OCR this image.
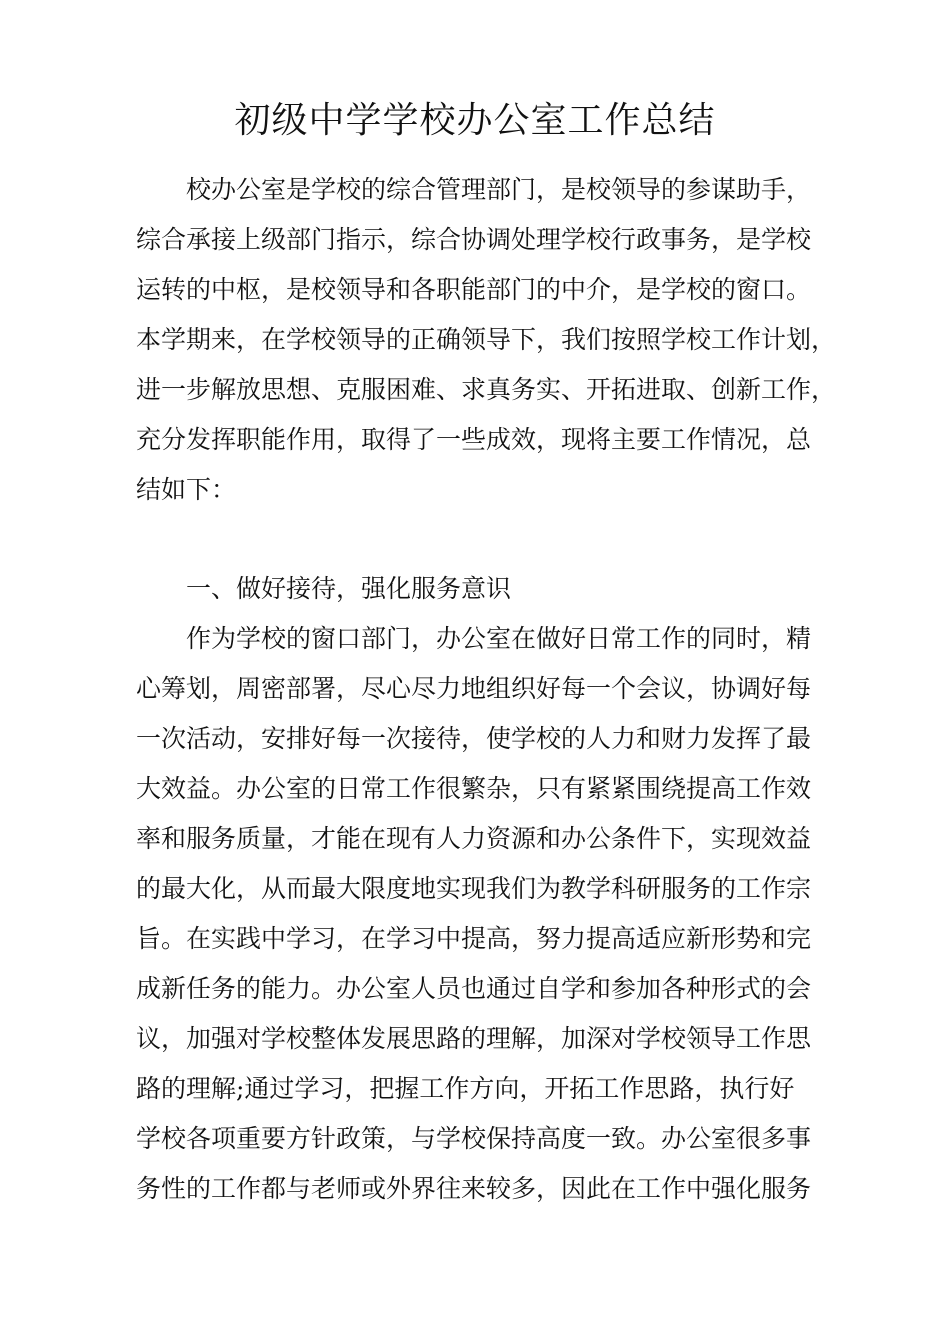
初级中学学校办公室工作总结
校办公室是学校的综合管理部门，是校领导的参谋助手，
综合承接上级部门指示，综合协调处理学校行政事务，是学校
运转的中枢，是校领导和各职能部门的中介，是学校的窗口。
本学期来，在学校领导的正确领导下，我们按照学校工作计划，
进一步解放思想、克服困难、求真务实、开拓进取、创新工作，
充分发挥职能作用，取得了一些成效，现将主要工作情况，总
结如下：
一、做好接待，强化服务意识
作为学校的窗口部门，办公室在做好日常工作的同时，精
心筹划，周密部署，尽心尽力地组织好每一个会议，协调好每
一次活动，安排好每一次接待，使学校的人力和财力发挥了最
大效益。办公室的日常工作很繁杂，只有紧紧围绕提高工作效
率和服务质量，才能在现有人力资源和办公条件下，实现效益
的最大化，从而最大限度地实现我们为教学科研服务的工作宗
旨。在实践中学习，在学习中提高，努力提高适应新形势和完
成新任务的能力。办公室人员也通过自学和参加各种形式的会
议，加强对学校整体发展思路的理解，加深对学校领导工作思
路的理解;通过学习，把握工作方向，开拓工作思路，执行好
学校各项重要方针政策，与学校保持高度一致。办公室很多事
务性的工作都与老师或外界往来较多，因此在工作中强化服务
